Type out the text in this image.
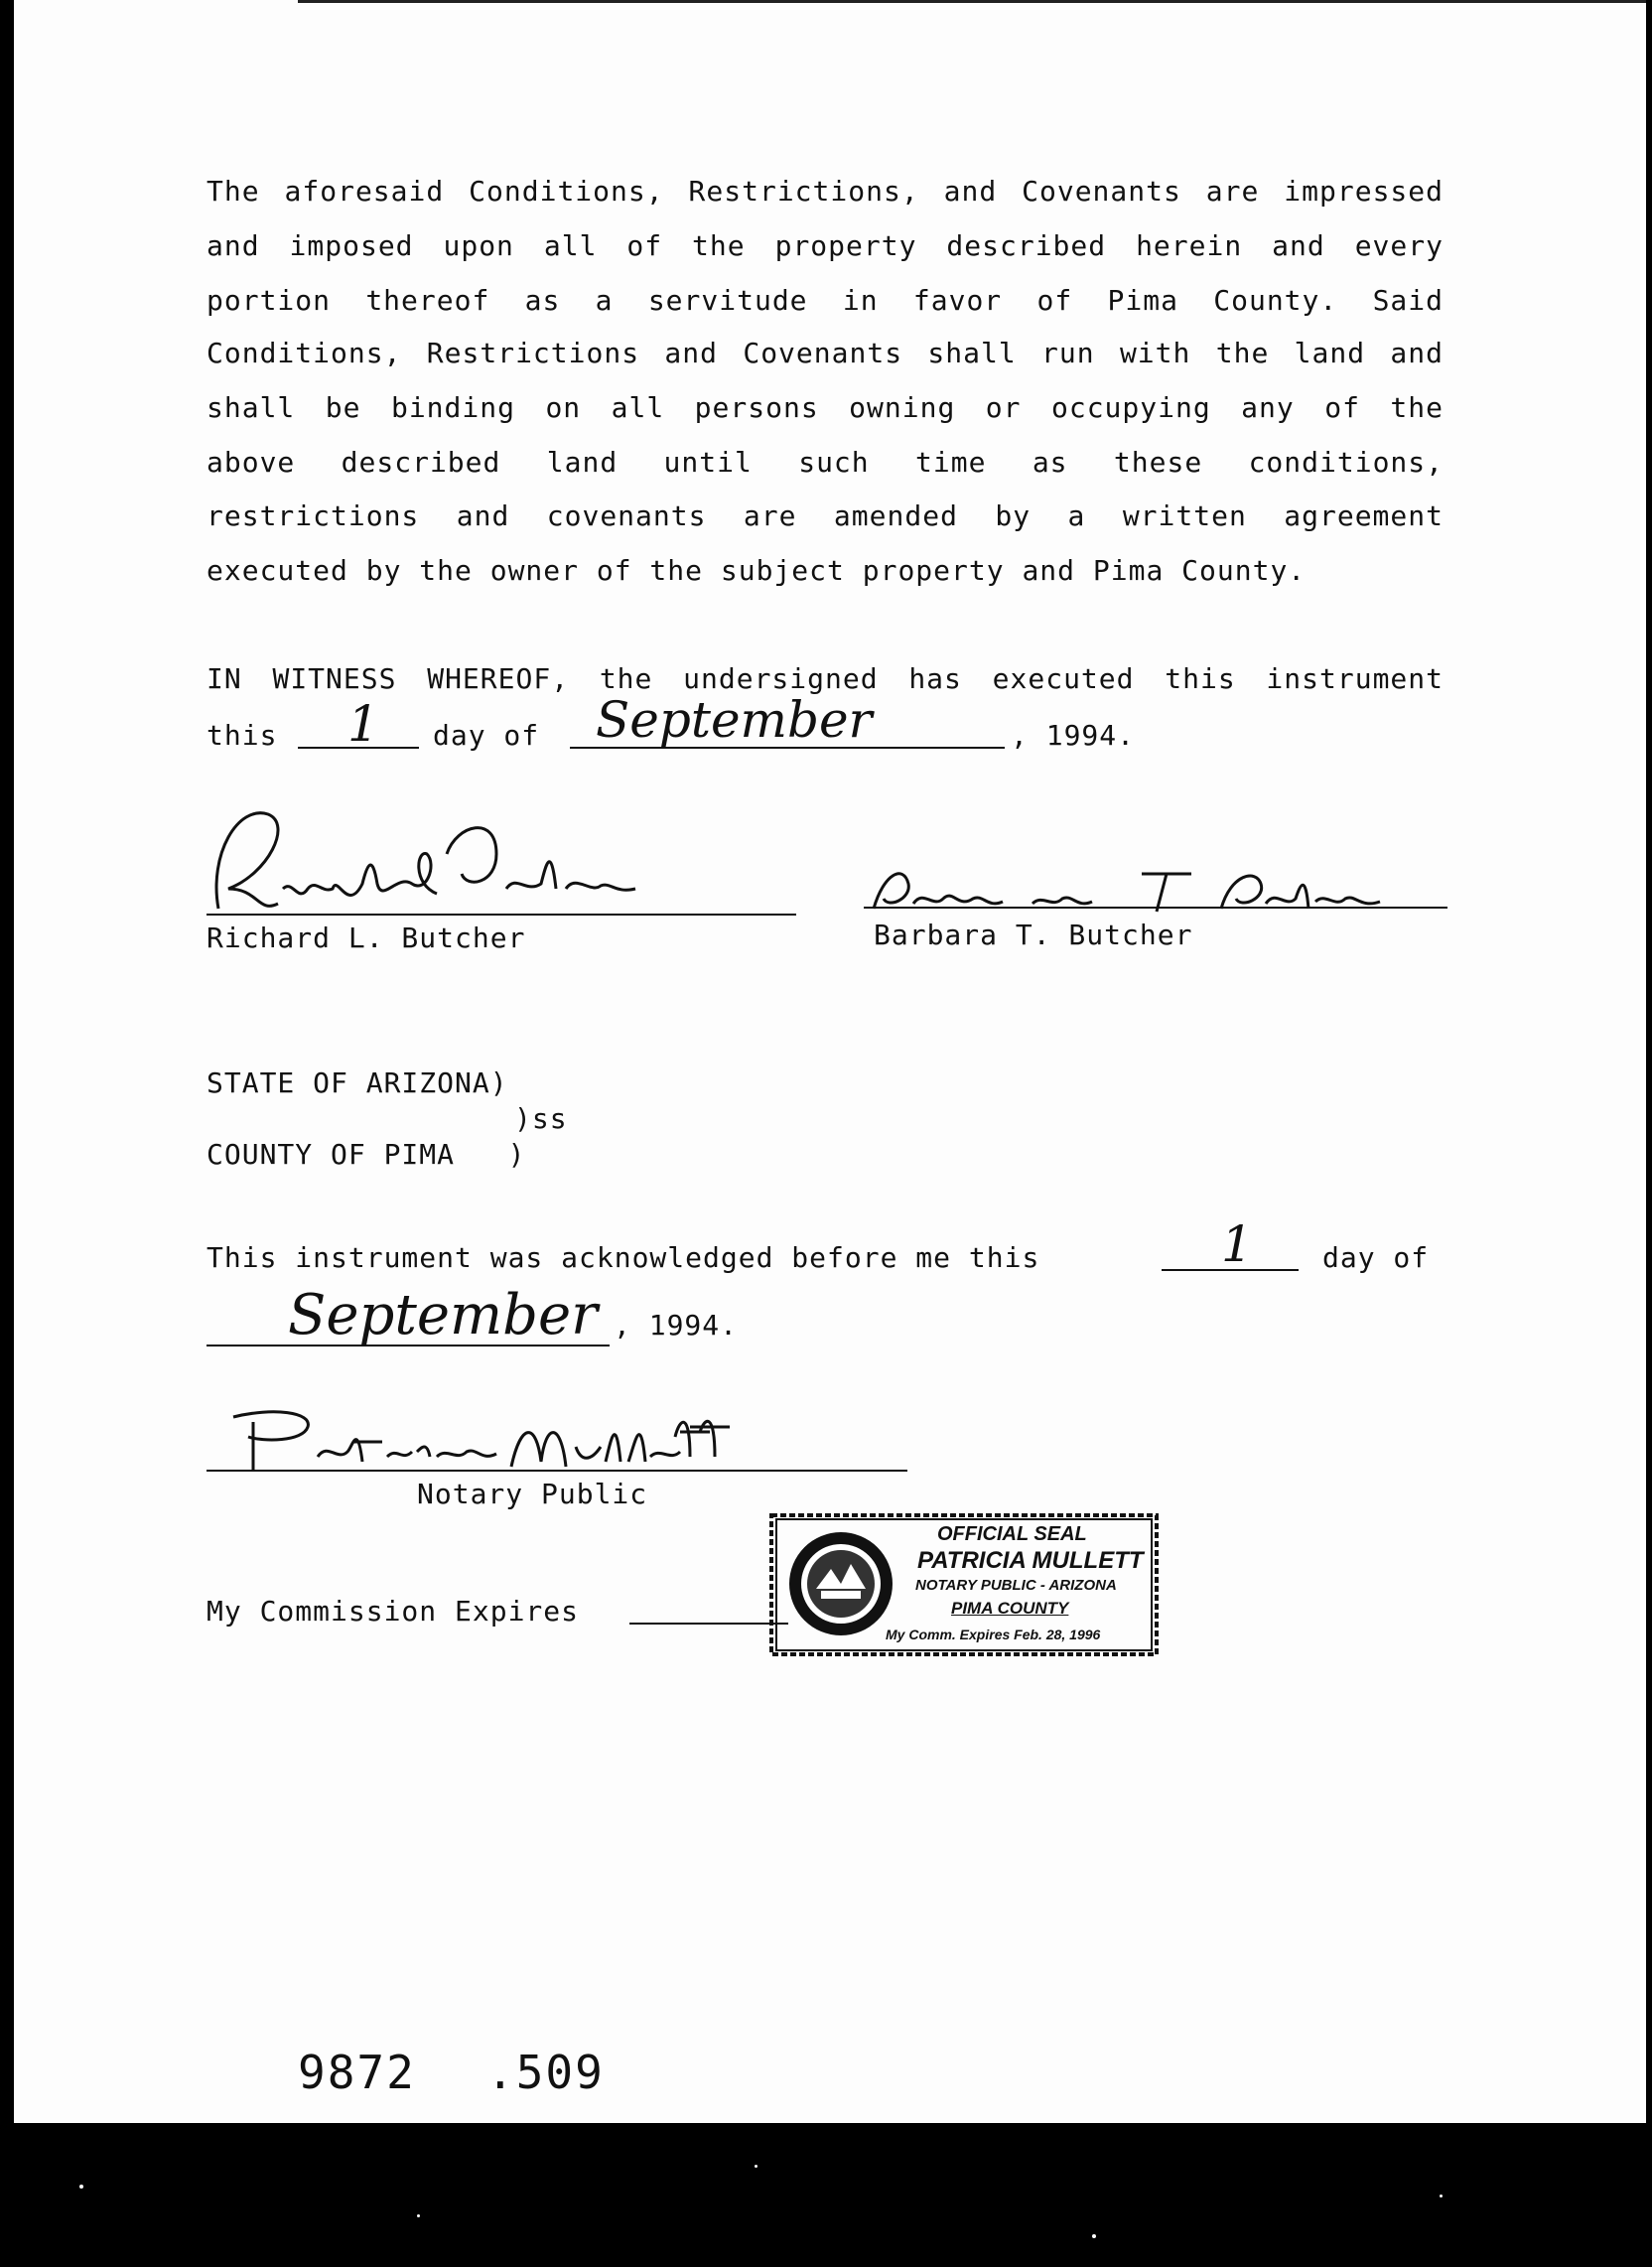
The aforesaid Conditions, Restrictions, and Covenants are impressed
and imposed upon all of the property described herein and every
portion thereof as a servitude in favor of Pima County. Said
Conditions, Restrictions and Covenants shall run with the land and
shall be binding on all persons owning or occupying any of the
above described land until such time as these conditions,
restrictions and covenants are amended by a written agreement
executed by the owner of the subject property and Pima County.
IN WITNESS WHEREOF, the undersigned has executed this instrument
this 1 day of September	, 1994.
Richard L. Butcher	Barbara T. Butcher
STATE OF ARIZONA)
)ss
COUNTY OF PIMA   )
This instrument was acknowledged before me this	1	day of
September , 1994.
Notary Public
My Commission Expires
OFFICIAL SEAL
PATRICIA MULLETT
NOTARY PUBLIC - ARIZONA
PIMA COUNTY
My Comm. Expires Feb. 28, 1996
9872 .509
